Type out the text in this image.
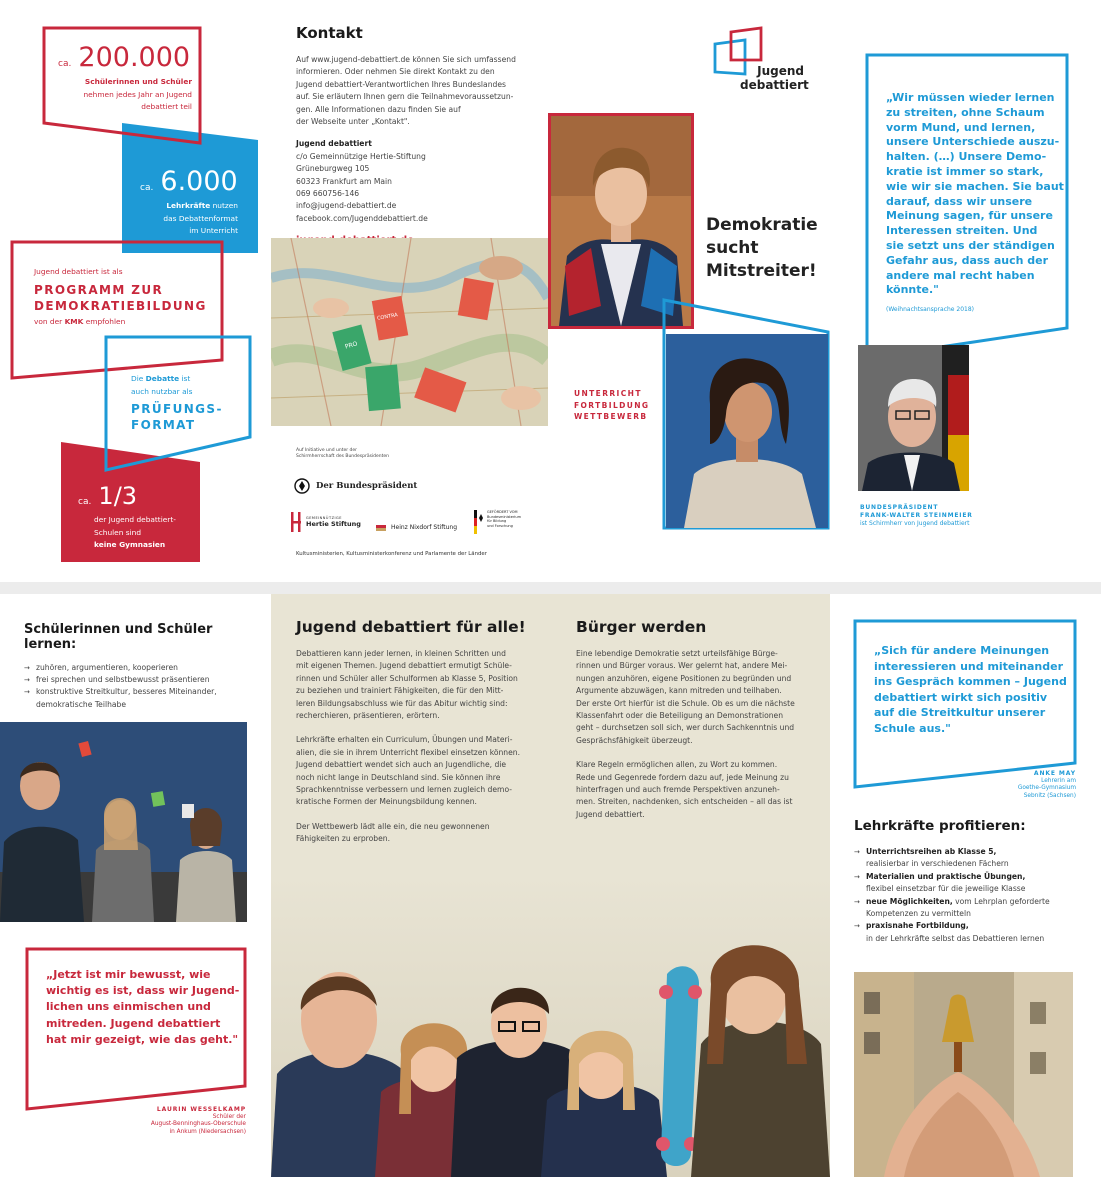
ca. 200.000
Schülerinnen und Schüler
nehmen jedes Jahr an Jugend
debattiert teil
ca. 6.000
Lehrkräfte nutzen
das Debattenformat
im Unterricht
Jugend debattiert ist als
PROGRAMM ZUR
DEMOKRATIEBILDUNG
von der KMK empfohlen
Die Debatte ist
auch nutzbar als
PRÜFUNGS-
FORMAT
ca. 1/3
der Jugend debattiert-
Schulen sind
keine Gymnasien
Kontakt
Auf www.jugend-debattiert.de können Sie sich umfassend
informieren. Oder nehmen Sie direkt Kontakt zu den
Jugend debattiert-Verantwortlichen Ihres Bundeslandes
auf. Sie erläutern Ihnen gern die Teilnahmevoraussetzun-
gen. Alle Informationen dazu finden Sie auf
der Webseite unter „Kontakt".
Jugend debattiert
c/o Gemeinnützige Hertie-Stiftung
Grüneburgweg 105
60323 Frankfurt am Main
069 660756-146
info@jugend-debattiert.de
facebook.com/Jugenddebattiert.de
PRO
CONTRA
Auf Initiative und unter der
Schirmherrschaft des Bundespräsidenten
Der Bundespräsident
GEMEINNÜTZIGE
Hertie Stiftung	Heinz Nixdorf Stiftung
GEFÖRDERT VOM
Bundesministerium
für Bildung
und Forschung
Kultusministerien, Kultusministerkonferenz und Parlamente der Länder
Jugend
debattiert
Demokratie
sucht
Mitstreiter!
UNTERRICHT
FORTBILDUNG
WETTBEWERB
„Wir müssen wieder lernen
zu streiten, ohne Schaum
vorm Mund, und lernen,
unsere Unterschiede auszu-
halten. (…) Unsere Demo-
kratie ist immer so stark,
wie wir sie machen. Sie baut
darauf, dass wir unsere
Meinung sagen, für unsere
Interessen streiten. Und
sie setzt uns der ständigen
Gefahr aus, dass auch der
andere mal recht haben
könnte."
(Weihnachtsansprache 2018)
BUNDESPRÄSIDENT
FRANK-WALTER STEINMEIER
ist Schirmherr von Jugend debattiert
Schülerinnen und Schüler lernen:
→ zuhören, argumentieren, kooperieren
→ frei sprechen und selbstbewusst präsentieren
→ konstruktive Streitkultur, besseres Miteinander,
demokratische Teilhabe
„Jetzt ist mir bewusst, wie
wichtig es ist, dass wir Jugend-
lichen uns einmischen und
mitreden. Jugend debattiert
hat mir gezeigt, wie das geht."
LAURIN WESSELKAMP
Schüler der
August-Benninghaus-Oberschule
in Ankum (Niedersachsen)
Jugend debattiert für alle!
Debattieren kann jeder lernen, in kleinen Schritten und
mit eigenen Themen. Jugend debattiert ermutigt Schüle-
rinnen und Schüler aller Schulformen ab Klasse 5, Position
zu beziehen und trainiert Fähigkeiten, die für den Mitt-
leren Bildungsabschluss wie für das Abitur wichtig sind:
recherchieren, präsentieren, erörtern.
Lehrkräfte erhalten ein Curriculum, Übungen und Materi-
alien, die sie in ihrem Unterricht flexibel einsetzen können.
Jugend debattiert wendet sich auch an Jugendliche, die
noch nicht lange in Deutschland sind. Sie können ihre
Sprachkenntnisse verbessern und lernen zugleich demo-
kratische Formen der Meinungsbildung kennen.
Der Wettbewerb lädt alle ein, die neu gewonnenen
Fähigkeiten zu erproben.
Bürger werden
Eine lebendige Demokratie setzt urteilsfähige Bürge-
rinnen und Bürger voraus. Wer gelernt hat, andere Mei-
nungen anzuhören, eigene Positionen zu begründen und
Argumente abzuwägen, kann mitreden und teilhaben.
Der erste Ort hierfür ist die Schule. Ob es um die nächste
Klassenfahrt oder die Beteiligung an Demonstrationen
geht – durchsetzen soll sich, wer durch Sachkenntnis und
Gesprächsfähigkeit überzeugt.
Klare Regeln ermöglichen allen, zu Wort zu kommen.
Rede und Gegenrede fordern dazu auf, jede Meinung zu
hinterfragen und auch fremde Perspektiven anzuneh-
men. Streiten, nachdenken, sich entscheiden – all das ist
Jugend debattiert.
„Sich für andere Meinungen
interessieren und miteinander
ins Gespräch kommen – Jugend
debattiert wirkt sich positiv
auf die Streitkultur unserer
Schule aus."
ANKE MAY
Lehrerin am
Goethe-Gymnasium
Sebnitz (Sachsen)
Lehrkräfte profitieren:
→ Unterrichtsreihen ab Klasse 5,
realisierbar in verschiedenen Fächern
→ Materialien und praktische Übungen,
flexibel einsetzbar für die jeweilige Klasse
→ neue Möglichkeiten, vom Lehrplan geforderte
Kompetenzen zu vermitteln
→ praxisnahe Fortbildung,
in der Lehrkräfte selbst das Debattieren lernen
